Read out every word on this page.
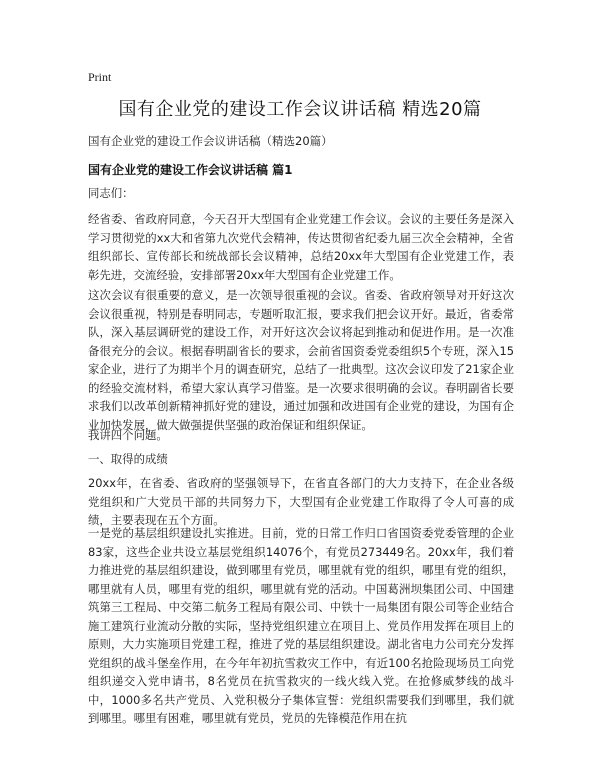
Print
国有企业党的建设工作会议讲话稿 精选20篇
国有企业党的建设工作会议讲话稿（精选20篇）
国有企业党的建设工作会议讲话稿 篇1

同志们：

经省委、省政府同意，今天召开大型国有企业党建工作会议。会议的主要任务是深入学习贯彻党的xx大和省第九次党代会精神，传达贯彻省纪委九届三次全会精神，全省组织部长、宣传部长和统战部长会议精神，总结20xx年大型国有企业党建工作，表彰先进，交流经验，安排部署20xx年大型国有企业党建工作。

这次会议有很重要的意义，是一次领导很重视的会议。省委、省政府领导对开好这次会议很重视，特别是春明同志，专题听取汇报，要求我们把会议开好。最近，省委常队，深入基层调研党的建设工作，对开好这次会议将起到推动和促进作用。是一次准备很充分的会议。根据春明副省长的要求，会前省国资委党委组织5个专班，深入15家企业，进行了为期半个月的调查研究，总结了一批典型。这次会议印发了21家企业的经验交流材料，希望大家认真学习借鉴。是一次要求很明确的会议。春明副省长要求我们以改革创新精神抓好党的建设，通过加强和改进国有企业党的建设，为国有企业加快发展，做大做强提供坚强的政治保证和组织保证。

我讲四个问题。

一、取得的成绩

20xx年，在省委、省政府的坚强领导下，在省直各部门的大力支持下，在企业各级党组织和广大党员干部的共同努力下，大型国有企业党建工作取得了令人可喜的成绩，主要表现在五个方面。

一是党的基层组织建设扎实推进。目前，党的日常工作归口省国资委党委管理的企业83家，这些企业共设立基层党组织14076个，有党员273449名。20xx年，我们着力推进党的基层组织建设，做到哪里有党员，哪里就有党的组织，哪里有党的组织，哪里就有人员，哪里有党的组织，哪里就有党的活动。中国葛洲坝集团公司、中国建筑第三工程局、中交第二航务工程局有限公司、中铁十一局集团有限公司等企业结合施工建筑行业流动分散的实际，坚持党组织建立在项目上、党员作用发挥在项目上的原则，大力实施项目党建工程，推进了党的基层组织建设。湖北省电力公司充分发挥党组织的战斗堡垒作用，在今年年初抗雪救灾工作中，有近100名抢险现场员工向党组织递交入党申请书，8名党员在抗雪救灾的一线火线入党。在抢修威梦线的战斗中，1000多名共产党员、入党积极分子集体宣誓：党组织需要我们到哪里，我们就到哪里。哪里有困难，哪里就有党员，党员的先锋模范作用在抗
